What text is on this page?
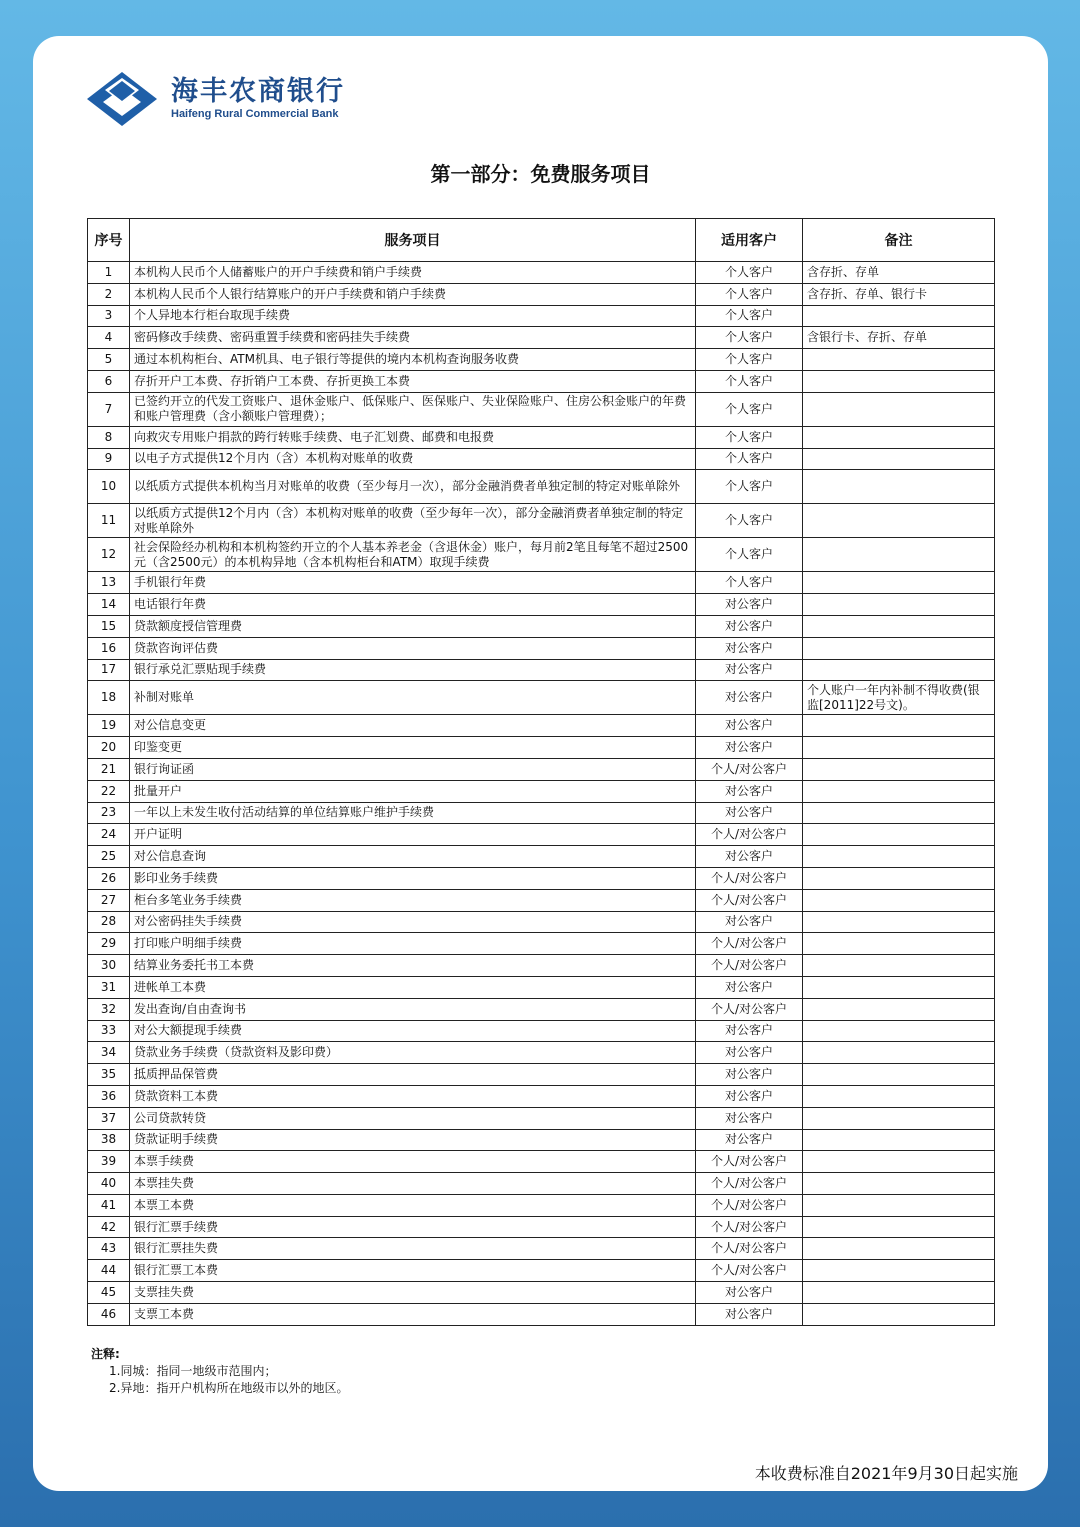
海丰农商银行
Haifeng Rural Commercial Bank
第一部分：免费服务项目
序号	服务项目	适用客户	备注
1	本机构人民币个人储蓄账户的开户手续费和销户手续费	个人客户	含存折、存单
2	本机构人民币个人银行结算账户的开户手续费和销户手续费	个人客户	含存折、存单、银行卡
3	个人异地本行柜台取现手续费	个人客户	
4	密码修改手续费、密码重置手续费和密码挂失手续费	个人客户	含银行卡、存折、存单
5	通过本机构柜台、ATM机具、电子银行等提供的境内本机构查询服务收费	个人客户	
6	存折开户工本费、存折销户工本费、存折更换工本费	个人客户	
7	已签约开立的代发工资账户、退休金账户、低保账户、医保账户、失业保险账户、住房公积金账户的年费和账户管理费（含小额账户管理费）；	个人客户	
8	向救灾专用账户捐款的跨行转账手续费、电子汇划费、邮费和电报费	个人客户	
9	以电子方式提供12个月内（含）本机构对账单的收费	个人客户	
10	以纸质方式提供本机构当月对账单的收费（至少每月一次），部分金融消费者单独定制的特定对账单除外	个人客户	
11	以纸质方式提供12个月内（含）本机构对账单的收费（至少每年一次），部分金融消费者单独定制的特定对账单除外	个人客户	
12	社会保险经办机构和本机构签约开立的个人基本养老金（含退休金）账户，每月前2笔且每笔不超过2500元（含2500元）的本机构异地（含本机构柜台和ATM）取现手续费	个人客户	
13	手机银行年费	个人客户	
14	电话银行年费	对公客户	
15	贷款额度授信管理费	对公客户	
16	贷款咨询评估费	对公客户	
17	银行承兑汇票贴现手续费	对公客户	
18	补制对账单	对公客户	个人账户一年内补制不得收费(银监[2011]22号文)。
19	对公信息变更	对公客户	
20	印鉴变更	对公客户	
21	银行询证函	个人/对公客户	
22	批量开户	对公客户	
23	一年以上未发生收付活动结算的单位结算账户维护手续费	对公客户	
24	开户证明	个人/对公客户	
25	对公信息查询	对公客户	
26	影印业务手续费	个人/对公客户	
27	柜台多笔业务手续费	个人/对公客户	
28	对公密码挂失手续费	对公客户	
29	打印账户明细手续费	个人/对公客户	
30	结算业务委托书工本费	个人/对公客户	
31	进帐单工本费	对公客户	
32	发出查询/自由查询书	个人/对公客户	
33	对公大额提现手续费	对公客户	
34	贷款业务手续费（贷款资料及影印费）	对公客户	
35	抵质押品保管费	对公客户	
36	贷款资料工本费	对公客户	
37	公司贷款转贷	对公客户	
38	贷款证明手续费	对公客户	
39	本票手续费	个人/对公客户	
40	本票挂失费	个人/对公客户	
41	本票工本费	个人/对公客户	
42	银行汇票手续费	个人/对公客户	
43	银行汇票挂失费	个人/对公客户	
44	银行汇票工本费	个人/对公客户	
45	支票挂失费	对公客户	
46	支票工本费	对公客户	
注释:
1.同城：指同一地级市范围内；
2.异地：指开户机构所在地级市以外的地区。
本收费标准自2021年9月30日起实施
